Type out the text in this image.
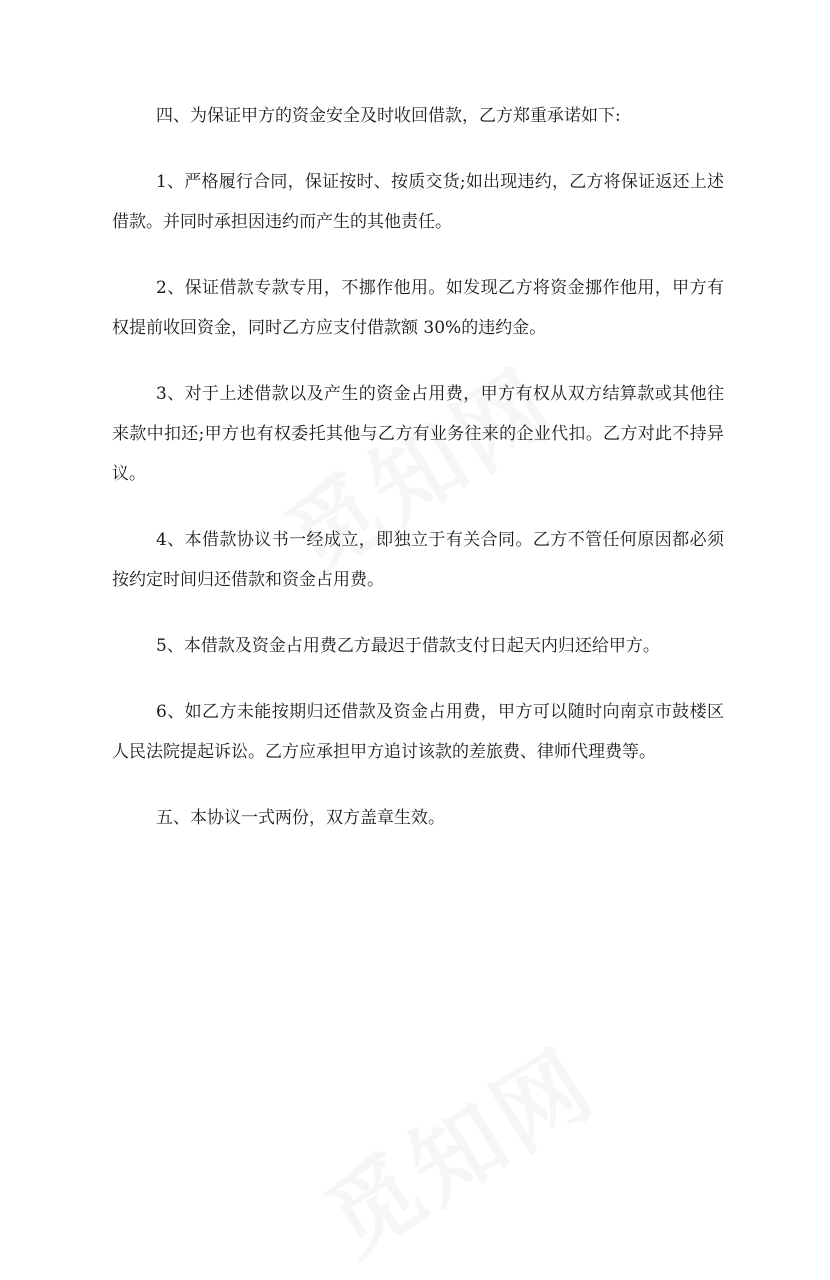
四、为保证甲方的资金安全及时收回借款，乙方郑重承诺如下:

1、严格履行合同，保证按时、按质交货;如出现违约，乙方将保证返还上述借款。并同时承担因违约而产生的其他责任。

2、保证借款专款专用，不挪作他用。如发现乙方将资金挪作他用，甲方有权提前收回资金，同时乙方应支付借款额 30%的违约金。

3、对于上述借款以及产生的资金占用费，甲方有权从双方结算款或其他往来款中扣还;甲方也有权委托其他与乙方有业务往来的企业代扣。乙方对此不持异议。

4、本借款协议书一经成立，即独立于有关合同。乙方不管任何原因都必须按约定时间归还借款和资金占用费。

5、本借款及资金占用费乙方最迟于借款支付日起天内归还给甲方。

6、如乙方未能按期归还借款及资金占用费，甲方可以随时向南京市鼓楼区人民法院提起诉讼。乙方应承担甲方追讨该款的差旅费、律师代理费等。

五、本协议一式两份，双方盖章生效。
